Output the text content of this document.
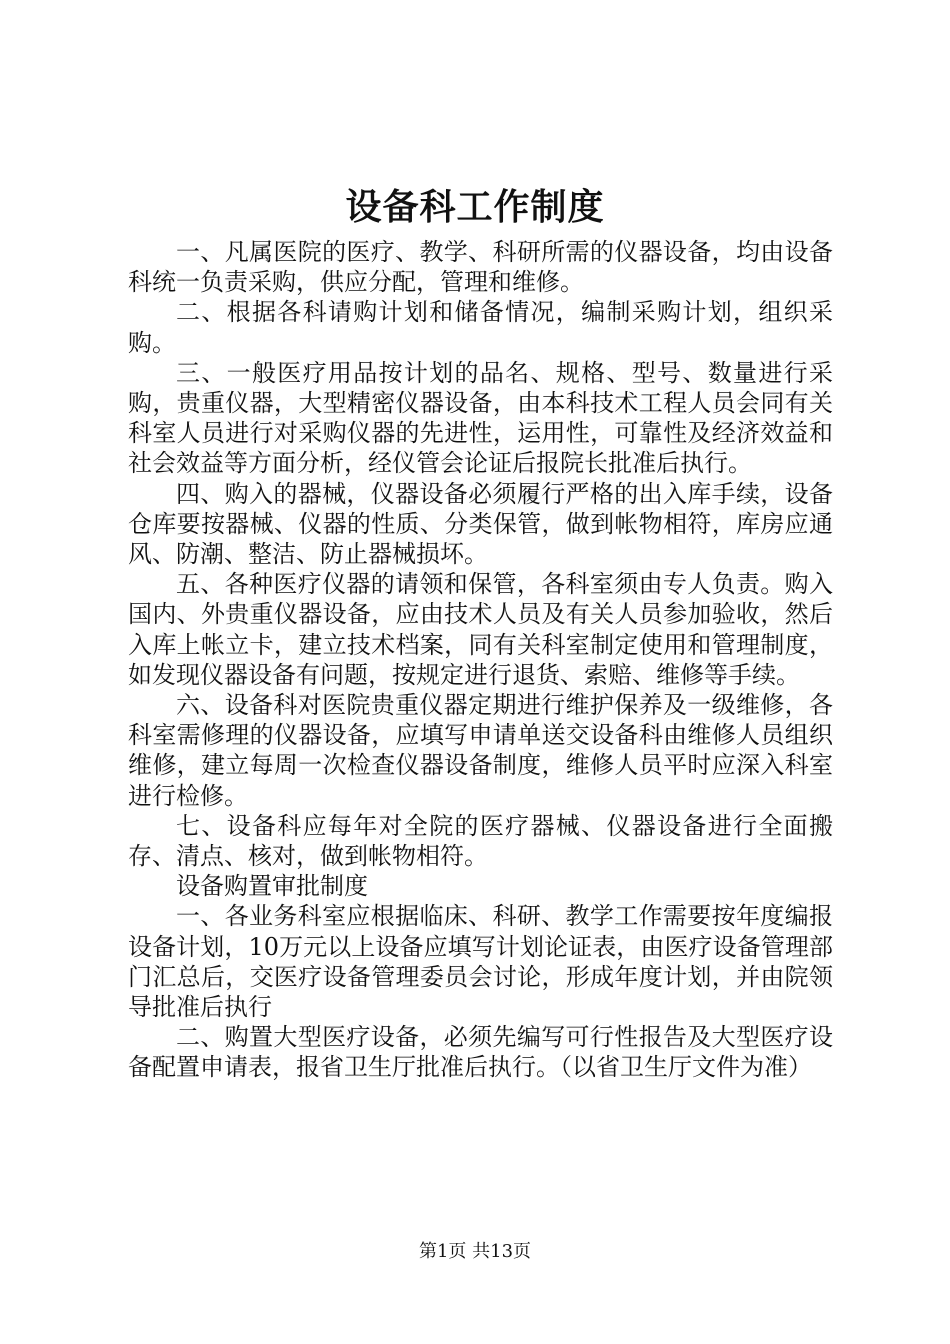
设备科工作制度

一、凡属医院的医疗、教学、科研所需的仪器设备，均由设备科统一负责采购，供应分配，管理和维修。

二、根据各科请购计划和储备情况，编制采购计划，组织采购。

三、一般医疗用品按计划的品名、规格、型号、数量进行采购，贵重仪器，大型精密仪器设备，由本科技术工程人员会同有关科室人员进行对采购仪器的先进性，运用性，可靠性及经济效益和社会效益等方面分析，经仪管会论证后报院长批准后执行。

四、购入的器械，仪器设备必须履行严格的出入库手续，设备仓库要按器械、仪器的性质、分类保管，做到帐物相符，库房应通风、防潮、整洁、防止器械损坏。

五、各种医疗仪器的请领和保管，各科室须由专人负责。购入国内、外贵重仪器设备，应由技术人员及有关人员参加验收，然后入库上帐立卡，建立技术档案，同有关科室制定使用和管理制度，如发现仪器设备有问题，按规定进行退货、索赔、维修等手续。

六、设备科对医院贵重仪器定期进行维护保养及一级维修，各科室需修理的仪器设备，应填写申请单送交设备科由维修人员组织维修，建立每周一次检查仪器设备制度，维修人员平时应深入科室进行检修。

七、设备科应每年对全院的医疗器械、仪器设备进行全面搬存、清点、核对，做到帐物相符。

设备购置审批制度

一、各业务科室应根据临床、科研、教学工作需要按年度编报设备计划，10万元以上设备应填写计划论证表，由医疗设备管理部门汇总后，交医疗设备管理委员会讨论，形成年度计划，并由院领导批准后执行

二、购置大型医疗设备，必须先编写可行性报告及大型医疗设备配置申请表，报省卫生厅批准后执行。（以省卫生厅文件为准）

第1页 共13页
